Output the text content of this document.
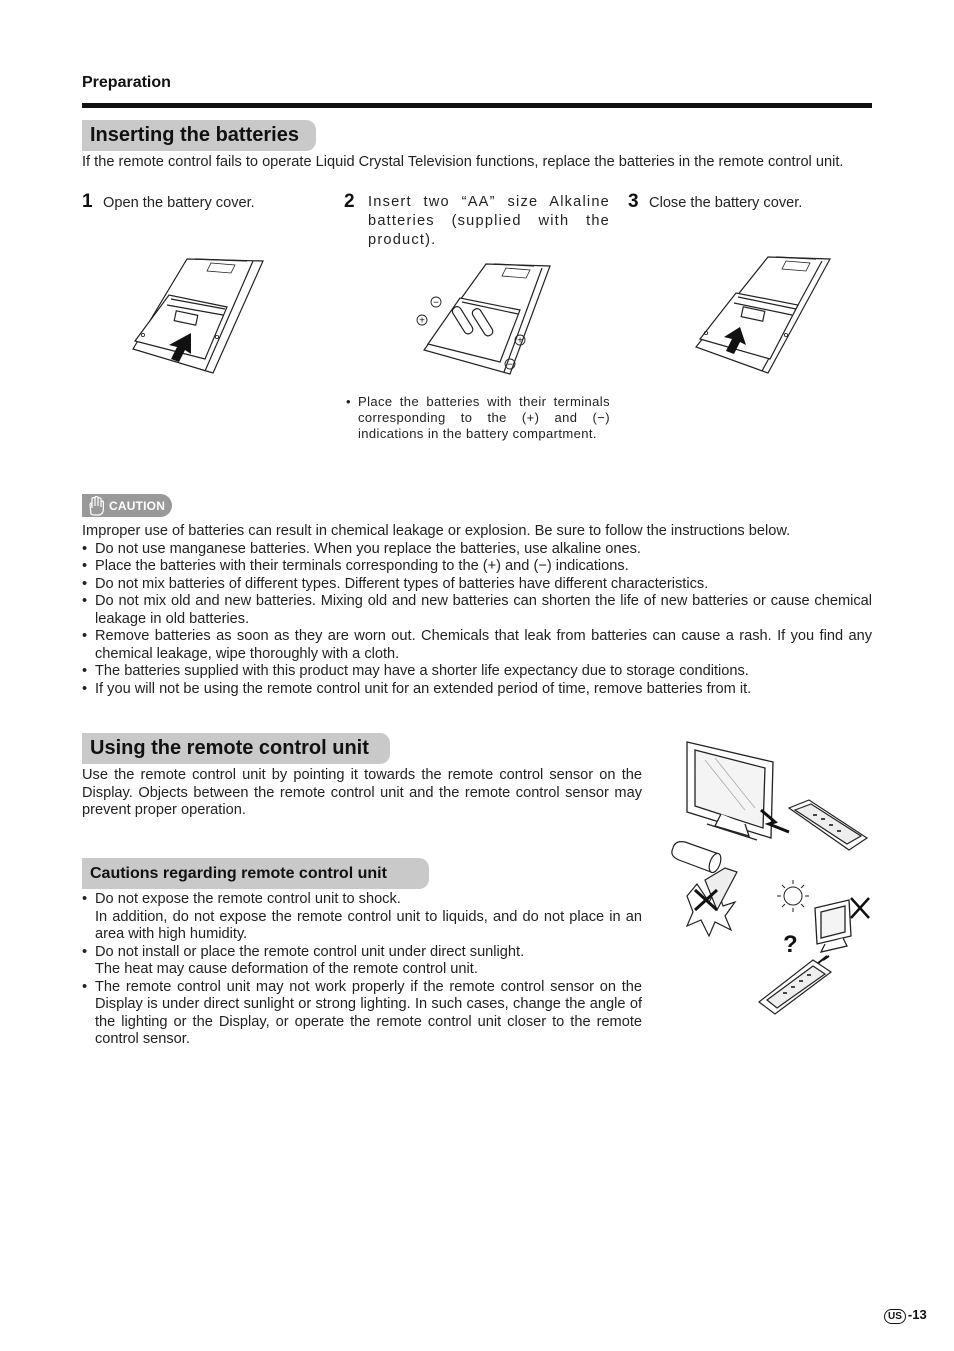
Preparation
Inserting the batteries

If the remote control fails to operate Liquid Crystal Television functions, replace the batteries in the remote control unit.

1 Open the battery cover.	2 Insert two “AA” size Alkaline batteries (supplied with the product).

3 Close the battery cover.
−
+
+
−
• Place the batteries with their terminals corresponding to the (+) and (−) indications in the battery compartment.

CAUTION

Improper use of batteries can result in chemical leakage or explosion. Be sure to follow the instructions below.

• Do not use manganese batteries. When you replace the batteries, use alkaline ones.
• Place the batteries with their terminals corresponding to the (+) and (−) indications.
• Do not mix batteries of different types. Different types of batteries have different characteristics.
• Do not mix old and new batteries. Mixing old and new batteries can shorten the life of new batteries or cause chemical leakage in old batteries.
• Remove batteries as soon as they are worn out. Chemicals that leak from batteries can cause a rash. If you find any chemical leakage, wipe thoroughly with a cloth.
• The batteries supplied with this product may have a shorter life expectancy due to storage conditions.
• If you will not be using the remote control unit for an extended period of time, remove batteries from it.
Using the remote control unit

Use the remote control unit by pointing it towards the remote control sensor on the Display. Objects between the remote control unit and the remote control sensor may prevent proper operation.

Cautions regarding remote control unit
• Do not expose the remote control unit to shock.
In addition, do not expose the remote control unit to liquids, and do not place in an area with high humidity.
• Do not install or place the remote control unit under direct sunlight.
The heat may cause deformation of the remote control unit.
• The remote control unit may not work properly if the remote control sensor on the Display is under direct sunlight or strong lighting. In such cases, change the angle of the lighting or the Display, or operate the remote control unit closer to the remote control sensor.
?
US -13
